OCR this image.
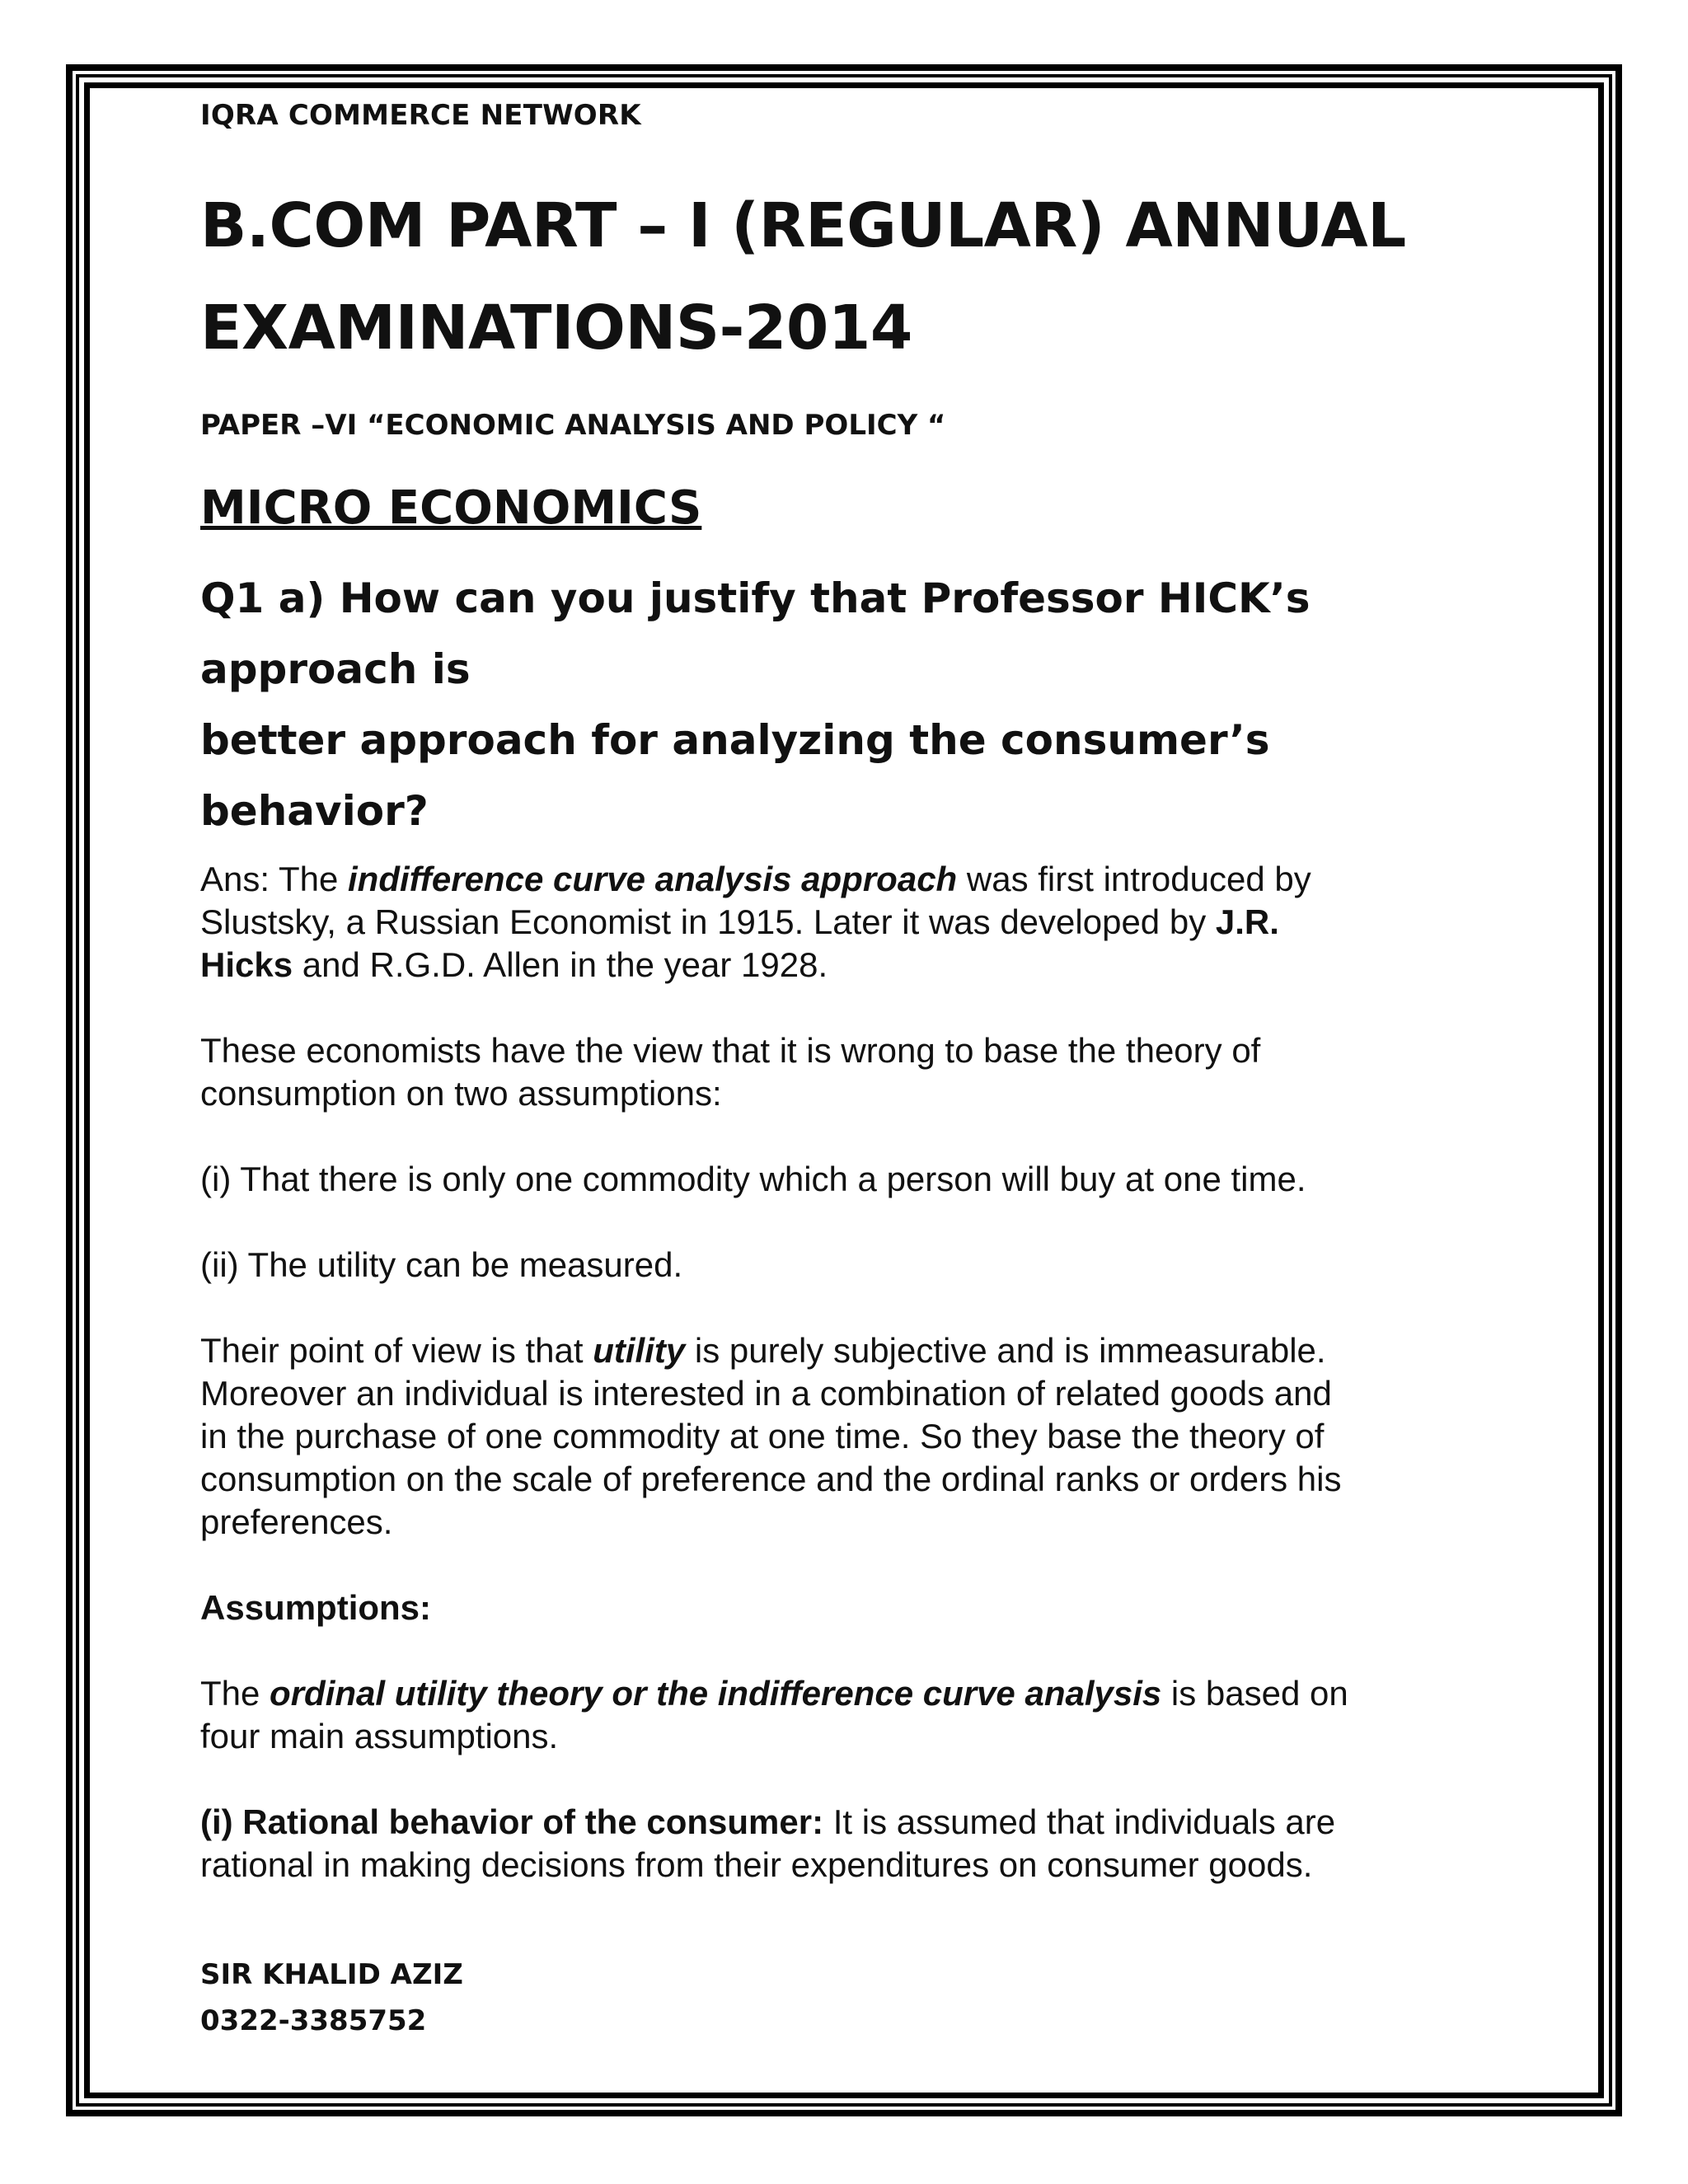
IQRA COMMERCE NETWORK

B.COM PART – I (REGULAR) ANNUAL
EXAMINATIONS-2014

PAPER –VI “ECONOMIC ANALYSIS AND POLICY “

MICRO ECONOMICS
Q1 a) How can you justify that Professor HICK’s approach is
better approach for analyzing the consumer’s behavior?

Ans: The indifference curve analysis approach was first introduced by
Slustsky, a Russian Economist in 1915. Later it was developed by J.R.
Hicks and R.G.D. Allen in the year 1928.

These economists have the view that it is wrong to base the theory of
consumption on two assumptions:

(i) That there is only one commodity which a person will buy at one time.

(ii) The utility can be measured.

Their point of view is that utility is purely subjective and is immeasurable.
Moreover an individual is interested in a combination of related goods and
in the purchase of one commodity at one time. So they base the theory of
consumption on the scale of preference and the ordinal ranks or orders his
preferences.

Assumptions:

The ordinal utility theory or the indifference curve analysis is based on
four main assumptions.

(i) Rational behavior of the consumer: It is assumed that individuals are
rational in making decisions from their expenditures on consumer goods.

SIR KHALID AZIZ
0322-3385752
